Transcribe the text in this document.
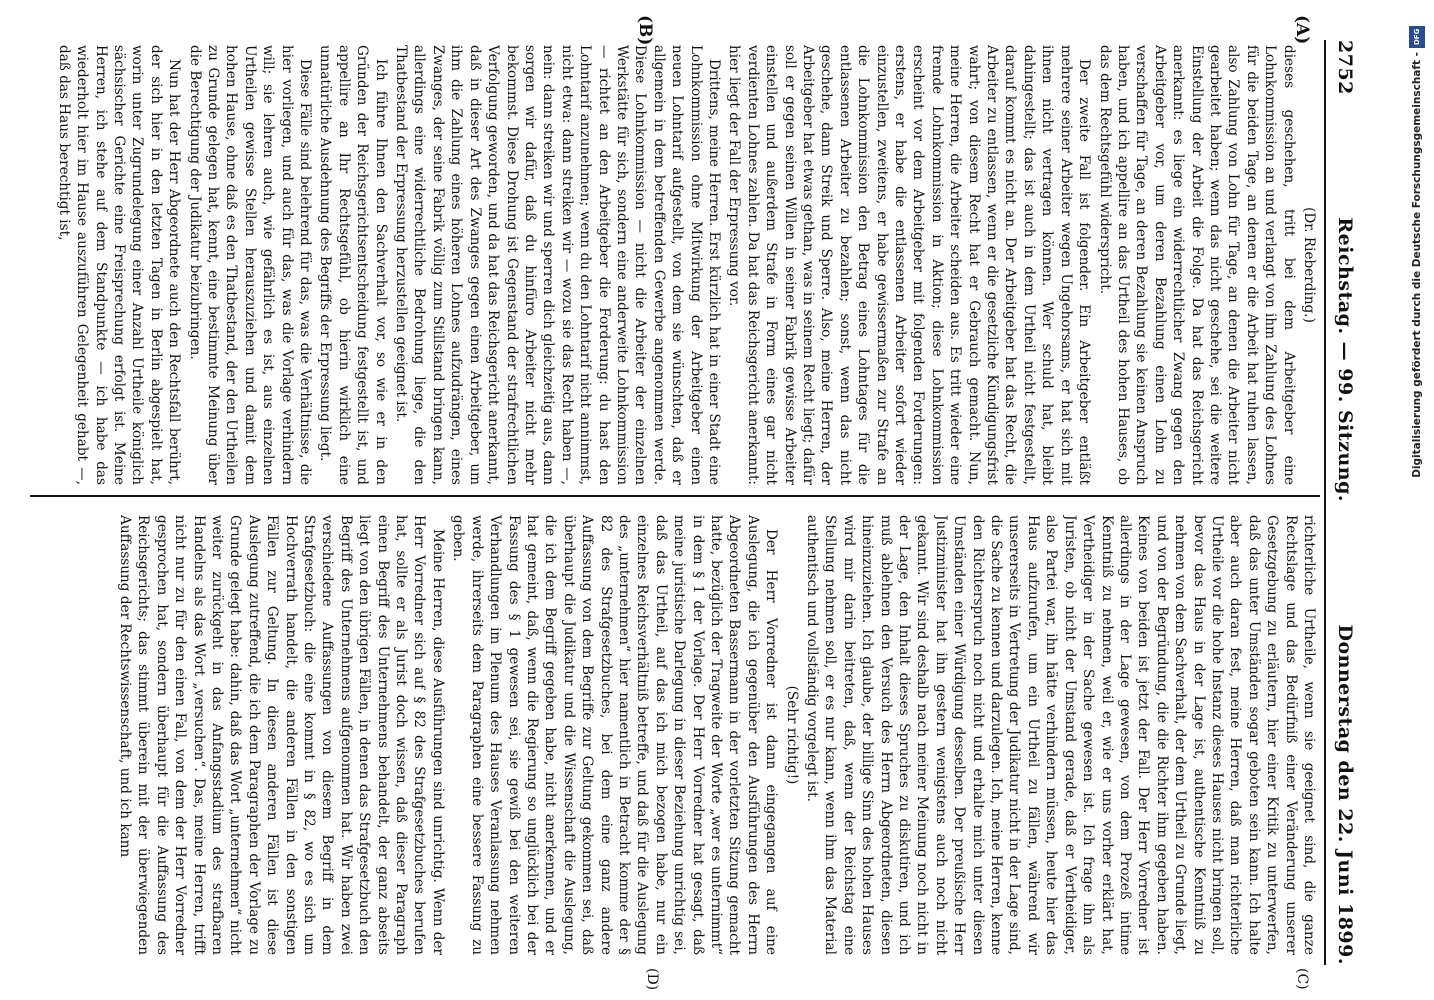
2752
Reichstag. — 99. Sitzung.
Donnerstag den 22. Juni 1899.
(A)
(B)
(C)
(D)

(Dr. Rieberding.)

dieses geschehen, tritt bei dem Arbeitgeber eine Lohnkommission an und verlangt von ihm Zahlung des Lohnes für die beiden Tage, an denen er die Arbeit hat ruhen lassen, also Zahlung von Lohn für Tage, an denen die Arbeiter nicht gearbeitet haben; wenn das nicht geschehe, sei die weitere Einstellung der Arbeit die Folge. Da hat das Reichsgericht anerkannt: es liege ein widerrechtlicher Zwang gegen den Arbeitgeber vor, um deren Bezahlung einen Lohn zu verschaffen für Tage, an deren Bezahlung sie keinen Anspruch haben, und ich appellire an das Urtheil des hohen Hauses, ob das dem Rechtsgefühl widerspricht.

Der zweite Fall ist folgender. Ein Arbeitgeber entläßt mehrere seiner Arbeiter wegen Ungehorsams, er hat sich mit ihnen nicht vertragen können. Wer schuld hat, bleibt dahingestellt; das ist auch in dem Urtheil nicht festgestellt, darauf kommt es nicht an. Der Arbeitgeber hat das Recht, die Arbeiter zu entlassen, wenn er die gesetzliche Kündigungsfrist wahrt; von diesem Recht hat er Gebrauch gemacht. Nun, meine Herren, die Arbeiter scheiden aus. Es tritt wieder eine fremde Lohnkommission in Aktion; diese Lohnkommission erscheint vor dem Arbeitgeber mit folgenden Forderungen: erstens, er habe die entlassenen Arbeiter sofort wieder einzustellen, zweitens, er habe gewissermaßen zur Strafe an die Lohnkommission den Betrag eines Lohntages für die entlassenen Arbeiter zu bezahlen; sonst, wenn das nicht geschehe, dann Streik und Sperre. Also, meine Herren, der Arbeitgeber hat etwas gethan, was in seinem Recht liegt; dafür soll er gegen seinen Willen in seiner Fabrik gewisse Arbeiter einstellen und außerdem Strafe in Form eines gar nicht verdienten Lohnes zahlen. Da hat das Reichsgericht anerkannt: hier liegt der Fall der Erpressung vor.

Drittens, meine Herren. Erst kürzlich hat in einer Stadt eine Lohnkommission ohne Mitwirkung der Arbeitgeber einen neuen Lohntarif aufgestellt, von dem sie wünschten, daß er allgemein in dem betreffenden Gewerbe angenommen werde. Diese Lohnkommission — nicht die Arbeiter der einzelnen Werkstätte für sich, sondern eine anderweite Lohnkommission — richtet an den Arbeitgeber die Forderung: du hast den Lohntarif anzunehmen; wenn du den Lohntarif nicht annimmst, nicht etwa: dann streiken wir — wozu sie das Recht haben —, nein: dann streiken wir und sperren dich gleichzeitig aus, dann sorgen wir dafür, daß du hinfüro Arbeiter nicht mehr bekommst. Diese Drohung ist Gegenstand der strafrechtlichen Verfolgung geworden, und da hat das Reichsgericht anerkannt, daß in dieser Art des Zwanges gegen einen Arbeitgeber, um ihm die Zahlung eines höheren Lohnes aufzudrängen, eines Zwanges, der seine Fabrik völlig zum Stillstand bringen kann, allerdings eine widerrechtliche Bedrohung liege, die den Thatbestand der Erpressung herzustellen geeignet ist.

Ich führe Ihnen den Sachverhalt vor, so wie er in den Gründen der Reichsgerichtsentscheidung festgestellt ist, und appellire an Ihr Rechtsgefühl, ob hierin wirklich eine unnatürliche Ausdehnung des Begriffs der Erpressung liegt.

Diese Fälle sind belehrend für das, was die Verhältnisse, die hier vorliegen, und auch für das, was die Vorlage verhindern will; sie lehren auch, wie gefährlich es ist, aus einzelnen Urtheilen gewisse Stellen herauszuziehen und damit dem hohen Hause, ohne daß es den Thatbestand, der den Urtheilen zu Grunde gelegen hat, kennt, eine bestimmte Meinung über die Berechtigung der Judikatur beizubringen.

Nun hat der Herr Abgeordnete auch den Rechtsfall berührt, der sich hier in den letzten Tagen in Berlin abgespielt hat, worin unter Zugrundelegung einer Anzahl Urtheile königlich sächsischer Gerichte eine Freisprechung erfolgt ist. Meine Herren, ich stehe auf dem Standpunkte — ich habe das wiederholt hier im Hause auszuführen Gelegenheit gehabt —, daß das Haus berechtigt ist,

richterliche Urtheile, wenn sie geeignet sind, die ganze Rechtslage und das Bedürfniß einer Veränderung unserer Gesetzgebung zu erläutern, hier einer Kritik zu unterwerfen, daß das unter Umständen sogar geboten sein kann. Ich halte aber auch daran fest, meine Herren, daß man richterliche Urtheile vor die hohe Instanz dieses Hauses nicht bringen soll, bevor das Haus in der Lage ist, authentische Kenntniß zu nehmen von dem Sachverhalt, der dem Urtheil zu Grunde liegt, und von der Begründung, die die Richter ihm gegeben haben. Keines von beiden ist jetzt der Fall. Der Herr Vorredner ist allerdings in der Lage gewesen, von dem Prozeß intime Kenntniß zu nehmen, weil er, wie er uns vorher erklärt hat, Vertheidiger in der Sache gewesen ist. Ich frage ihn als Juristen, ob nicht der Umstand gerade, daß er Vertheidiger, also Partei war, ihn hätte verhindern müssen, heute hier das Haus aufzurufen, um ein Urtheil zu fällen, während wir unsererseits in Vertretung der Judikatur nicht in der Lage sind, die Sache zu kennen und darzulegen. Ich, meine Herren, kenne den Richterspruch noch nicht und erhalte mich unter diesen Umständen einer Würdigung desselben. Der preußische Herr Justizminister hat ihn gestern wenigstens auch noch nicht gekannt. Wir sind deshalb nach meiner Meinung noch nicht in der Lage, den Inhalt dieses Spruches zu diskutiren, und ich muß ablehnen den Versuch des Herrn Abgeordneten, diesen hineinzuziehen. Ich glaube, der billige Sinn des hohen Hauses wird mir darin beitreten, daß, wenn der Reichstag eine Stellung nehmen soll, er es nur kann, wenn ihm das Material authentisch und vollständig vorgelegt ist.

(Sehr richtig!)

Der Herr Vorredner ist dann eingegangen auf eine Auslegung, die ich gegenüber den Ausführungen des Herrn Abgeordneten Bassermann in der vorletzten Sitzung gemacht hatte, bezüglich der Tragweite der Worte „wer es unternimmt“ in dem § 1 der Vorlage. Der Herr Vorredner hat gesagt, daß meine juristische Darlegung in dieser Beziehung unrichtig sei, daß das Urtheil, auf das ich mich bezogen habe, nur ein einzelnes Reichsverhältniß betreffe, und daß für die Auslegung des „unternehmen“ hier namentlich in Betracht komme der § 82 des Strafgesetzbuches, bei dem eine ganz andere Auffassung von dem Begriffe zur Geltung gekommen sei, daß überhaupt die Judikatur und die Wissenschaft die Auslegung, die ich dem Begriff gegeben habe, nicht anerkennen, und er hat gemeint, daß, wenn die Regierung so unglücklich bei der Fassung des § 1 gewesen sei, sie gewiß bei den weiteren Verhandlungen im Plenum des Hauses Veranlassung nehmen werde, ihrerseits dem Paragraphen eine bessere Fassung zu geben.

Meine Herren, diese Ausführungen sind unrichtig. Wenn der Herr Vorredner sich auf § 82 des Strafgesetzbuches berufen hat, sollte er als Jurist doch wissen, daß dieser Paragraph einen Begriff des Unternehmens behandelt, der ganz abseits liegt von den übrigen Fällen, in denen das Strafgesetzbuch den Begriff des Unternehmens aufgenommen hat. Wir haben zwei verschiedene Auffassungen von diesem Begriff in dem Strafgesetzbuch: die eine kommt in § 82, wo es sich um Hochverrath handelt, die anderen Fällen in den sonstigen Fällen zur Geltung. In diesen anderen Fällen ist diese Auslegung zutreffend, die ich dem Paragraphen der Vorlage zu Grunde gelegt habe: dahin, daß das Wort „unternehmen“ nicht weiter zurückgeht in das Anfangsstadium des strafbaren Handelns als das Wort „versuchen“. Das, meine Herren, trifft nicht nur zu für den einen Fall, von dem der Herr Vorredner gesprochen hat, sondern überhaupt für die Auffassung des Reichsgerichts; das stimmt überein mit der überwiegenden Auffassung der Rechtswissenschaft, und ich kann

DFG
Digitalisierung gefördert durch die Deutsche Forschungsgemeinschaft -
